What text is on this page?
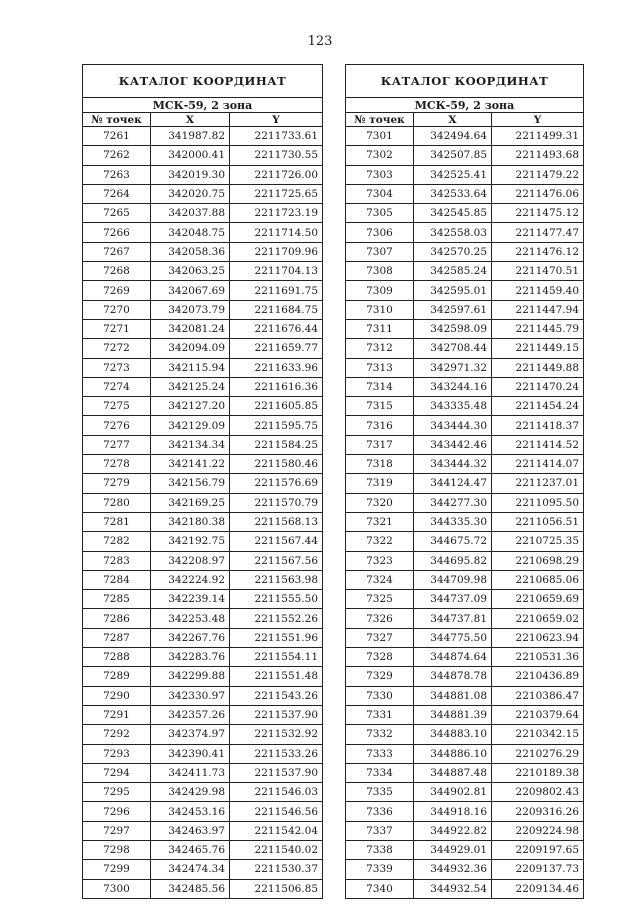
123
КАТАЛОГ КООРДИНАТ		
МСК-59, 2 зона		
№ точек	X	Y
7261	341987.82	2211733.61
7262	342000.41	2211730.55
7263	342019.30	2211726.00
7264	342020.75	2211725.65
7265	342037.88	2211723.19
7266	342048.75	2211714.50
7267	342058.36	2211709.96
7268	342063.25	2211704.13
7269	342067.69	2211691.75
7270	342073.79	2211684.75
7271	342081.24	2211676.44
7272	342094.09	2211659.77
7273	342115.94	2211633.96
7274	342125.24	2211616.36
7275	342127.20	2211605.85
7276	342129.09	2211595.75
7277	342134.34	2211584.25
7278	342141.22	2211580.46
7279	342156.79	2211576.69
7280	342169.25	2211570.79
7281	342180.38	2211568.13
7282	342192.75	2211567.44
7283	342208.97	2211567.56
7284	342224.92	2211563.98
7285	342239.14	2211555.50
7286	342253.48	2211552.26
7287	342267.76	2211551.96
7288	342283.76	2211554.11
7289	342299.88	2211551.48
7290	342330.97	2211543.26
7291	342357.26	2211537.90
7292	342374.97	2211532.92
7293	342390.41	2211533.26
7294	342411.73	2211537.90
7295	342429.98	2211546.03
7296	342453.16	2211546.56
7297	342463.97	2211542.04
7298	342465.76	2211540.02
7299	342474.34	2211530.37
7300	342485.56	2211506.85
КАТАЛОГ КООРДИНАТ		
МСК-59, 2 зона		
№ точек	X	Y
7301	342494.64	2211499.31
7302	342507.85	2211493.68
7303	342525.41	2211479.22
7304	342533.64	2211476.06
7305	342545.85	2211475.12
7306	342558.03	2211477.47
7307	342570.25	2211476.12
7308	342585.24	2211470.51
7309	342595.01	2211459.40
7310	342597.61	2211447.94
7311	342598.09	2211445.79
7312	342708.44	2211449.15
7313	342971.32	2211449.88
7314	343244.16	2211470.24
7315	343335.48	2211454.24
7316	343444.30	2211418.37
7317	343442.46	2211414.52
7318	343444.32	2211414.07
7319	344124.47	2211237.01
7320	344277.30	2211095.50
7321	344335.30	2211056.51
7322	344675.72	2210725.35
7323	344695.82	2210698.29
7324	344709.98	2210685.06
7325	344737.09	2210659.69
7326	344737.81	2210659.02
7327	344775.50	2210623.94
7328	344874.64	2210531.36
7329	344878.78	2210436.89
7330	344881.08	2210386.47
7331	344881.39	2210379.64
7332	344883.10	2210342.15
7333	344886.10	2210276.29
7334	344887.48	2210189.38
7335	344902.81	2209802.43
7336	344918.16	2209316.26
7337	344922.82	2209224.98
7338	344929.01	2209197.65
7339	344932.36	2209137.73
7340	344932.54	2209134.46
